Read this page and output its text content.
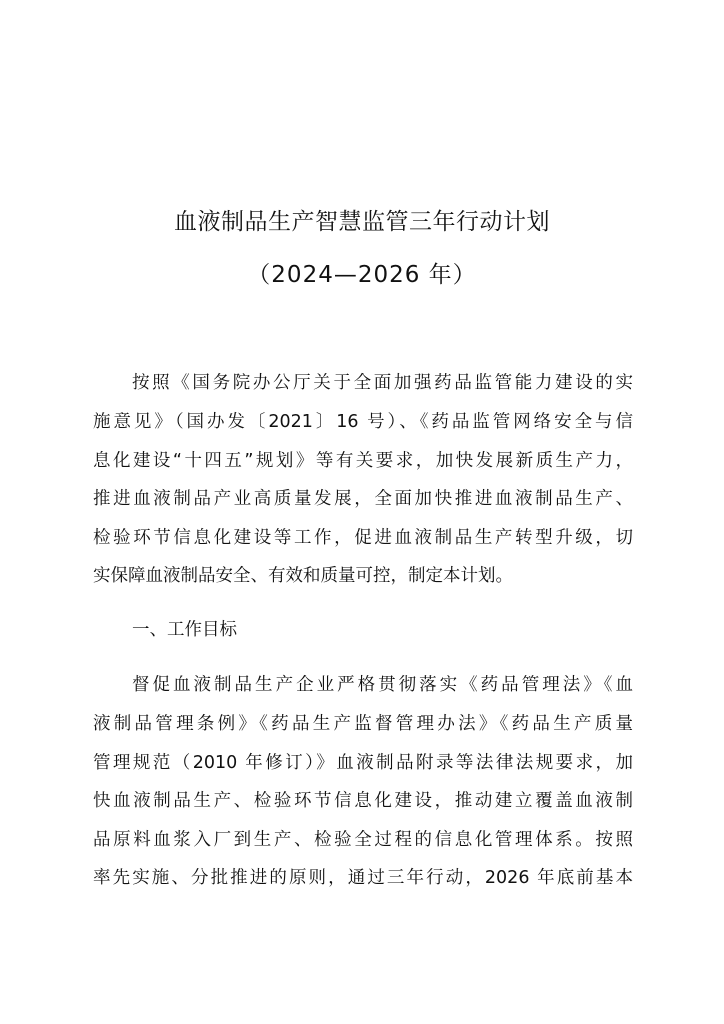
血液制品生产智慧监管三年行动计划
（2024—2026 年）
按照《国务院办公厅关于全面加强药品监管能力建设的实
施意见》（国办发〔2021〕16 号）、《药品监管网络安全与信
息化建设“十四五”规划》等有关要求，加快发展新质生产力，
推进血液制品产业高质量发展，全面加快推进血液制品生产、
检验环节信息化建设等工作，促进血液制品生产转型升级，切
实保障血液制品安全、有效和质量可控，制定本计划。
一、工作目标
督促血液制品生产企业严格贯彻落实《药品管理法》《血
液制品管理条例》《药品生产监督管理办法》《药品生产质量
管理规范（2010 年修订）》血液制品附录等法律法规要求，加
快血液制品生产、检验环节信息化建设，推动建立覆盖血液制
品原料血浆入厂到生产、检验全过程的信息化管理体系。按照
率先实施、分批推进的原则，通过三年行动，2026 年底前基本
